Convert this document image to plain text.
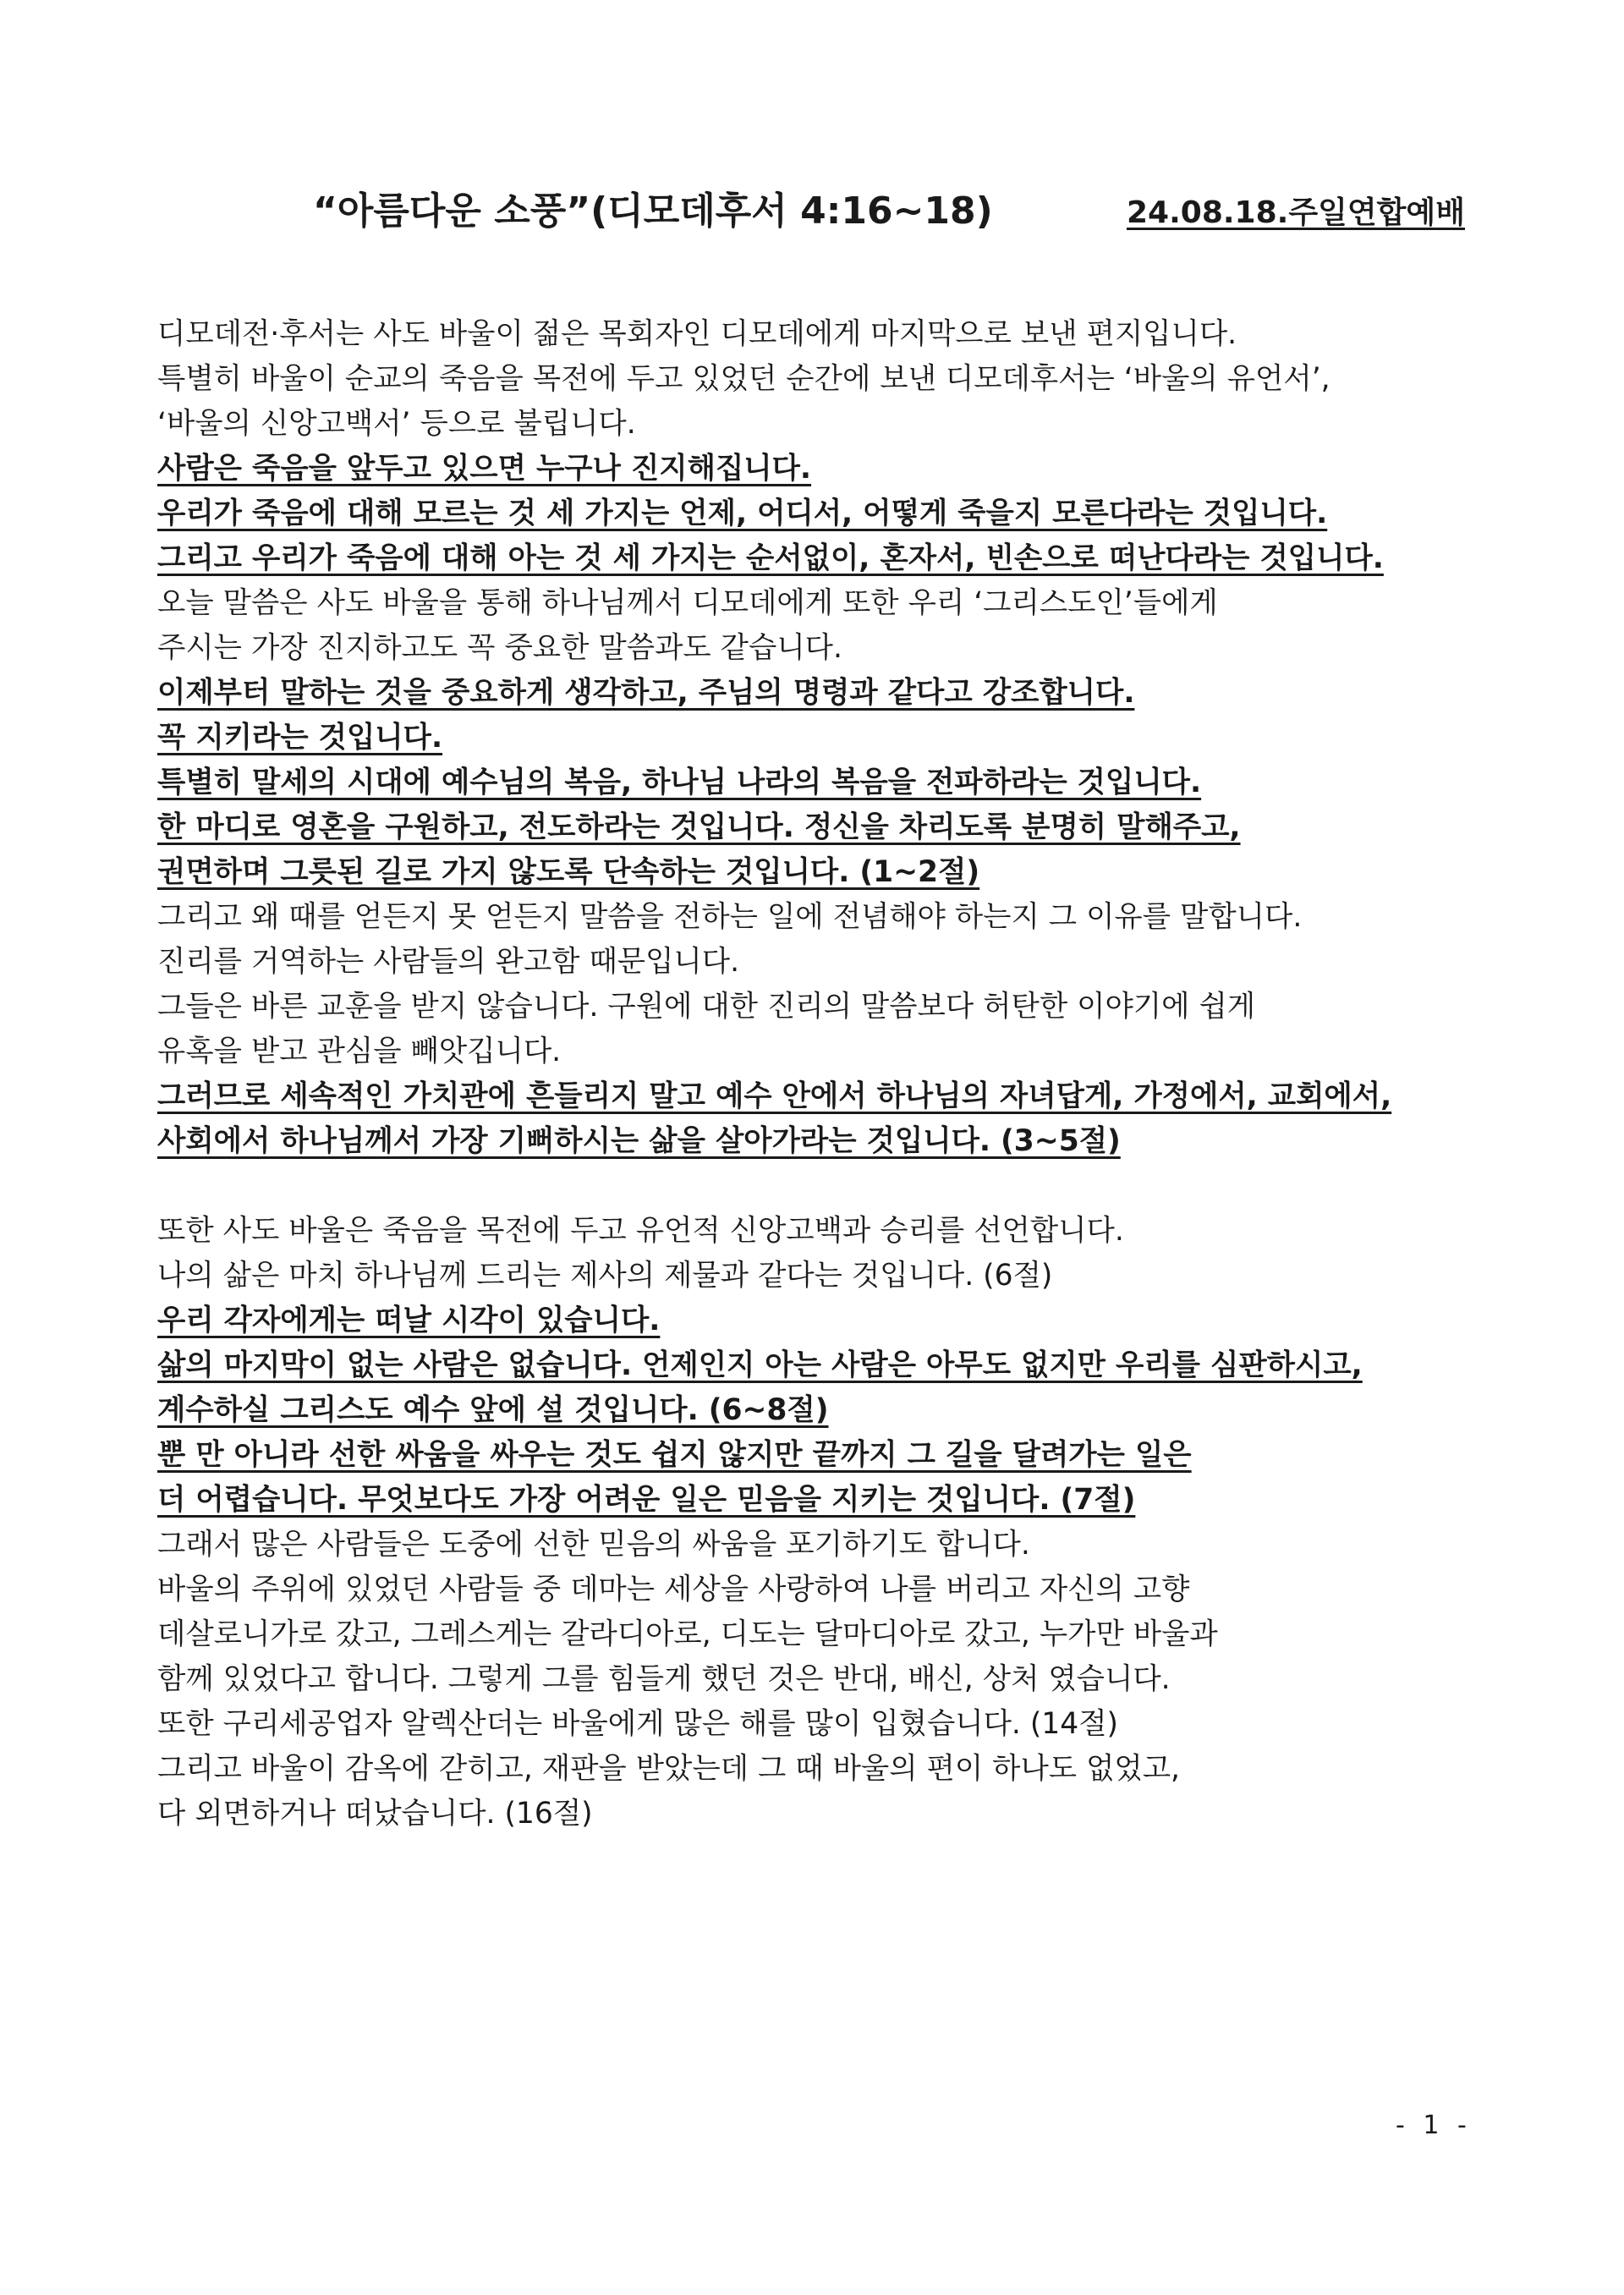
“아름다운 소풍”(디모데후서 4:16~18)	24.08.18.주일연합예배
디모데전·후서는 사도 바울이 젊은 목회자인 디모데에게 마지막으로 보낸 편지입니다.
특별히 바울이 순교의 죽음을 목전에 두고 있었던 순간에 보낸 디모데후서는 ‘바울의 유언서’,
‘바울의 신앙고백서’ 등으로 불립니다.
사람은 죽음을 앞두고 있으면 누구나 진지해집니다.
우리가 죽음에 대해 모르는 것 세 가지는 언제, 어디서, 어떻게 죽을지 모른다라는 것입니다.
그리고 우리가 죽음에 대해 아는 것 세 가지는 순서없이, 혼자서, 빈손으로 떠난다라는 것입니다.
오늘 말씀은 사도 바울을 통해 하나님께서 디모데에게 또한 우리 ‘그리스도인’들에게
주시는 가장 진지하고도 꼭 중요한 말씀과도 같습니다.
이제부터 말하는 것을 중요하게 생각하고, 주님의 명령과 같다고 강조합니다.
꼭 지키라는 것입니다.
특별히 말세의 시대에 예수님의 복음, 하나님 나라의 복음을 전파하라는 것입니다.
한 마디로 영혼을 구원하고, 전도하라는 것입니다. 정신을 차리도록 분명히 말해주고,
권면하며 그릇된 길로 가지 않도록 단속하는 것입니다. (1~2절)
그리고 왜 때를 얻든지 못 얻든지 말씀을 전하는 일에 전념해야 하는지 그 이유를 말합니다.
진리를 거역하는 사람들의 완고함 때문입니다.
그들은 바른 교훈을 받지 않습니다. 구원에 대한 진리의 말씀보다 허탄한 이야기에 쉽게
유혹을 받고 관심을 빼앗깁니다.
그러므로 세속적인 가치관에 흔들리지 말고 예수 안에서 하나님의 자녀답게, 가정에서, 교회에서,
사회에서 하나님께서 가장 기뻐하시는 삶을 살아가라는 것입니다. (3~5절)
또한 사도 바울은 죽음을 목전에 두고 유언적 신앙고백과 승리를 선언합니다.
나의 삶은 마치 하나님께 드리는 제사의 제물과 같다는 것입니다. (6절)
우리 각자에게는 떠날 시각이 있습니다.
삶의 마지막이 없는 사람은 없습니다. 언제인지 아는 사람은 아무도 없지만 우리를 심판하시고,
계수하실 그리스도 예수 앞에 설 것입니다. (6~8절)
뿐 만 아니라 선한 싸움을 싸우는 것도 쉽지 않지만 끝까지 그 길을 달려가는 일은
더 어렵습니다. 무엇보다도 가장 어려운 일은 믿음을 지키는 것입니다. (7절)
그래서 많은 사람들은 도중에 선한 믿음의 싸움을 포기하기도 합니다.
바울의 주위에 있었던 사람들 중 데마는 세상을 사랑하여 나를 버리고 자신의 고향
데살로니가로 갔고, 그레스게는 갈라디아로, 디도는 달마디아로 갔고, 누가만 바울과
함께 있었다고 합니다. 그렇게 그를 힘들게 했던 것은 반대, 배신, 상처 였습니다.
또한 구리세공업자 알렉산더는 바울에게 많은 해를 많이 입혔습니다. (14절)
그리고 바울이 감옥에 갇히고, 재판을 받았는데 그 때 바울의 편이 하나도 없었고,
다 외면하거나 떠났습니다. (16절)
- 1 -
